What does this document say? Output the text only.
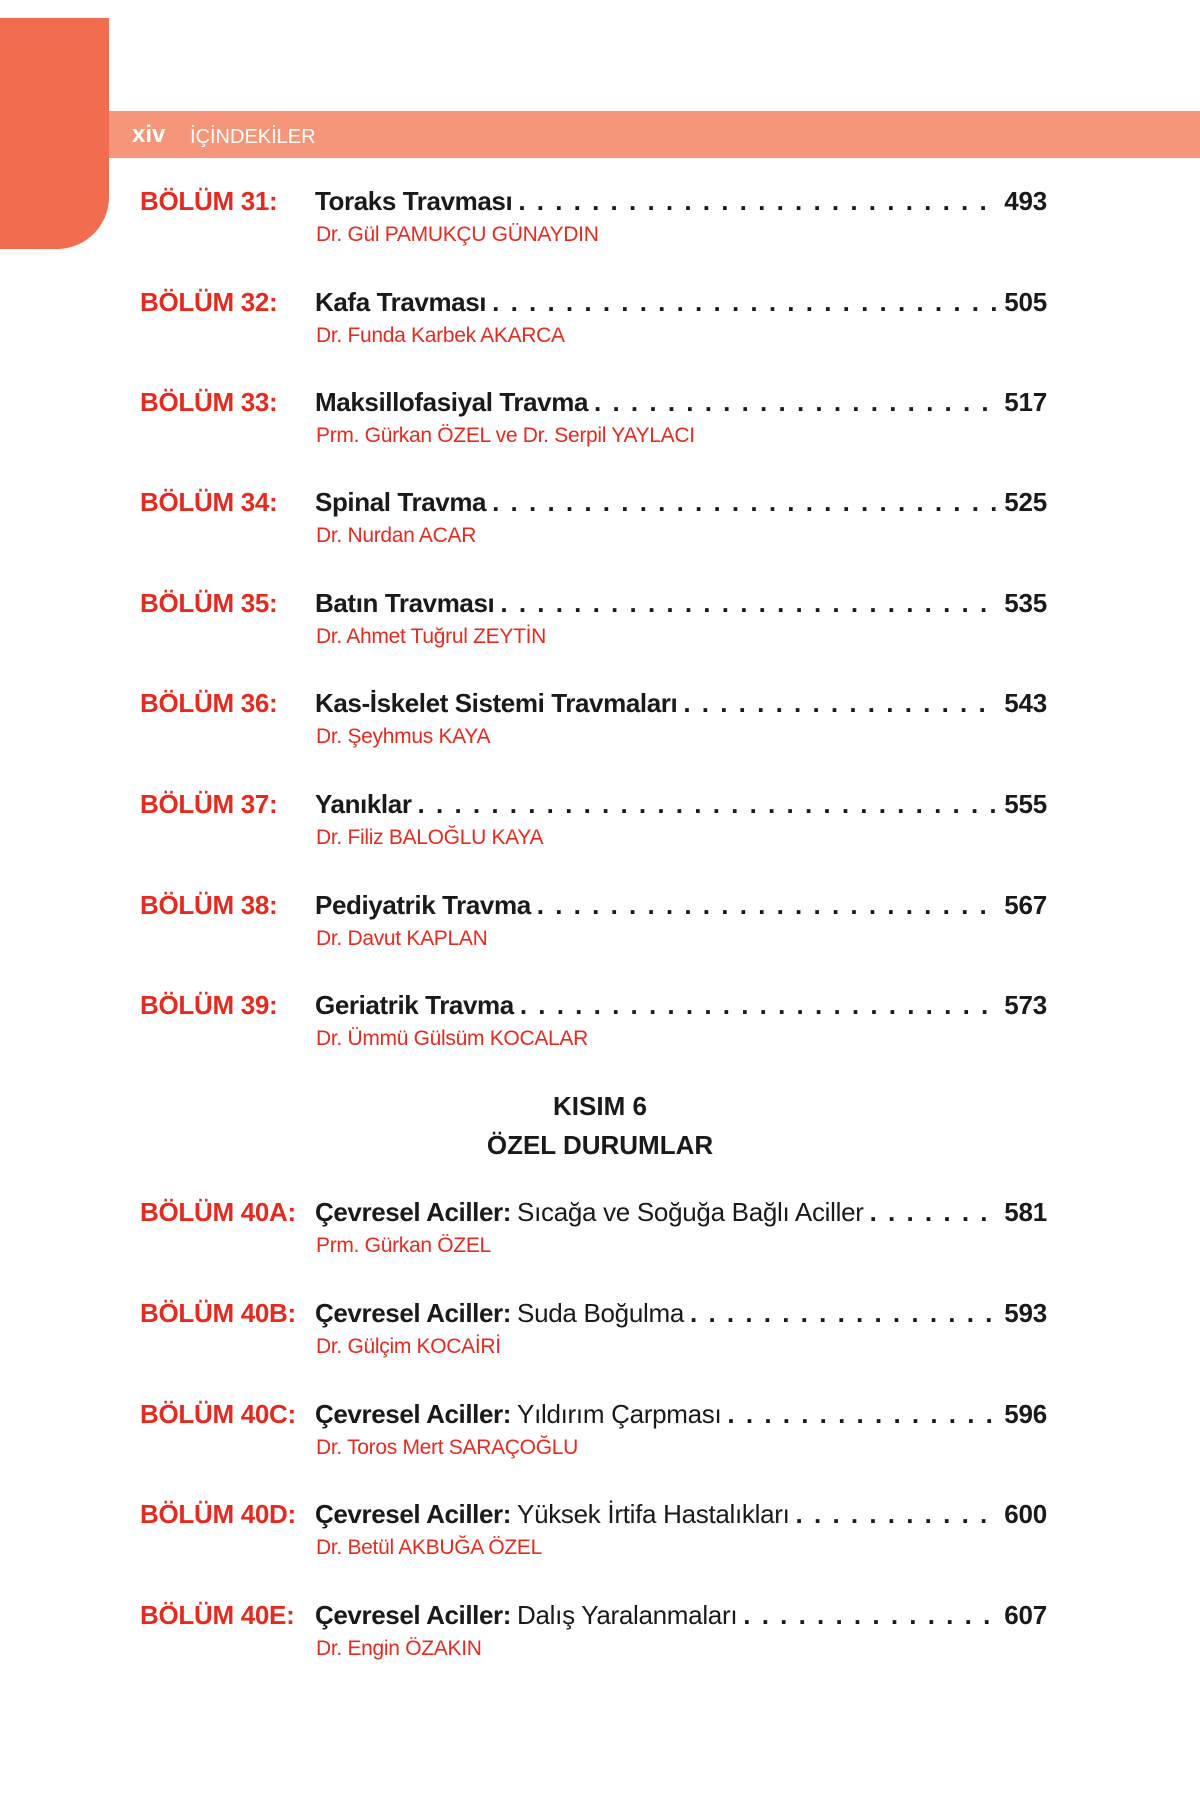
xiv İÇİNDEKİLER
BÖLÜM 31: Toraks Travması . . .	493
Dr. Gül PAMUKÇU GÜNAYDIN
BÖLÜM 32: Kafa Travması . . .	505
Dr. Funda Karbek AKARCA
BÖLÜM 33: Maksillofasiyal Travma . . .	517
Prm. Gürkan ÖZEL ve Dr. Serpil YAYLACI
BÖLÜM 34: Spinal Travma . . .	525
Dr. Nurdan ACAR
BÖLÜM 35: Batın Travması . . .	535
Dr. Ahmet Tuğrul ZEYTİN
BÖLÜM 36: Kas-İskelet Sistemi Travmaları . . .	543
Dr. Şeyhmus KAYA
BÖLÜM 37: Yanıklar . . .	555
Dr. Filiz BALOĞLU KAYA
BÖLÜM 38: Pediyatrik Travma . . .	567
Dr. Davut KAPLAN
BÖLÜM 39: Geriatrik Travma . . .	573
Dr. Ümmü Gülsüm KOCALAR
KISIM 6
ÖZEL DURUMLAR
BÖLÜM 40A: Çevresel Aciller: Sıcağa ve Soğuğa Bağlı Aciller . . .	581
Prm. Gürkan ÖZEL
BÖLÜM 40B: Çevresel Aciller: Suda Boğulma . . .	593
Dr. Gülçim KOCAİRİ
BÖLÜM 40C: Çevresel Aciller: Yıldırım Çarpması . . .	596
Dr. Toros Mert SARAÇOĞLU
BÖLÜM 40D: Çevresel Aciller: Yüksek İrtifa Hastalıkları . . .	600
Dr. Betül AKBUĞA ÖZEL
BÖLÜM 40E: Çevresel Aciller: Dalış Yaralanmaları . . .	607
Dr. Engin ÖZAKIN
